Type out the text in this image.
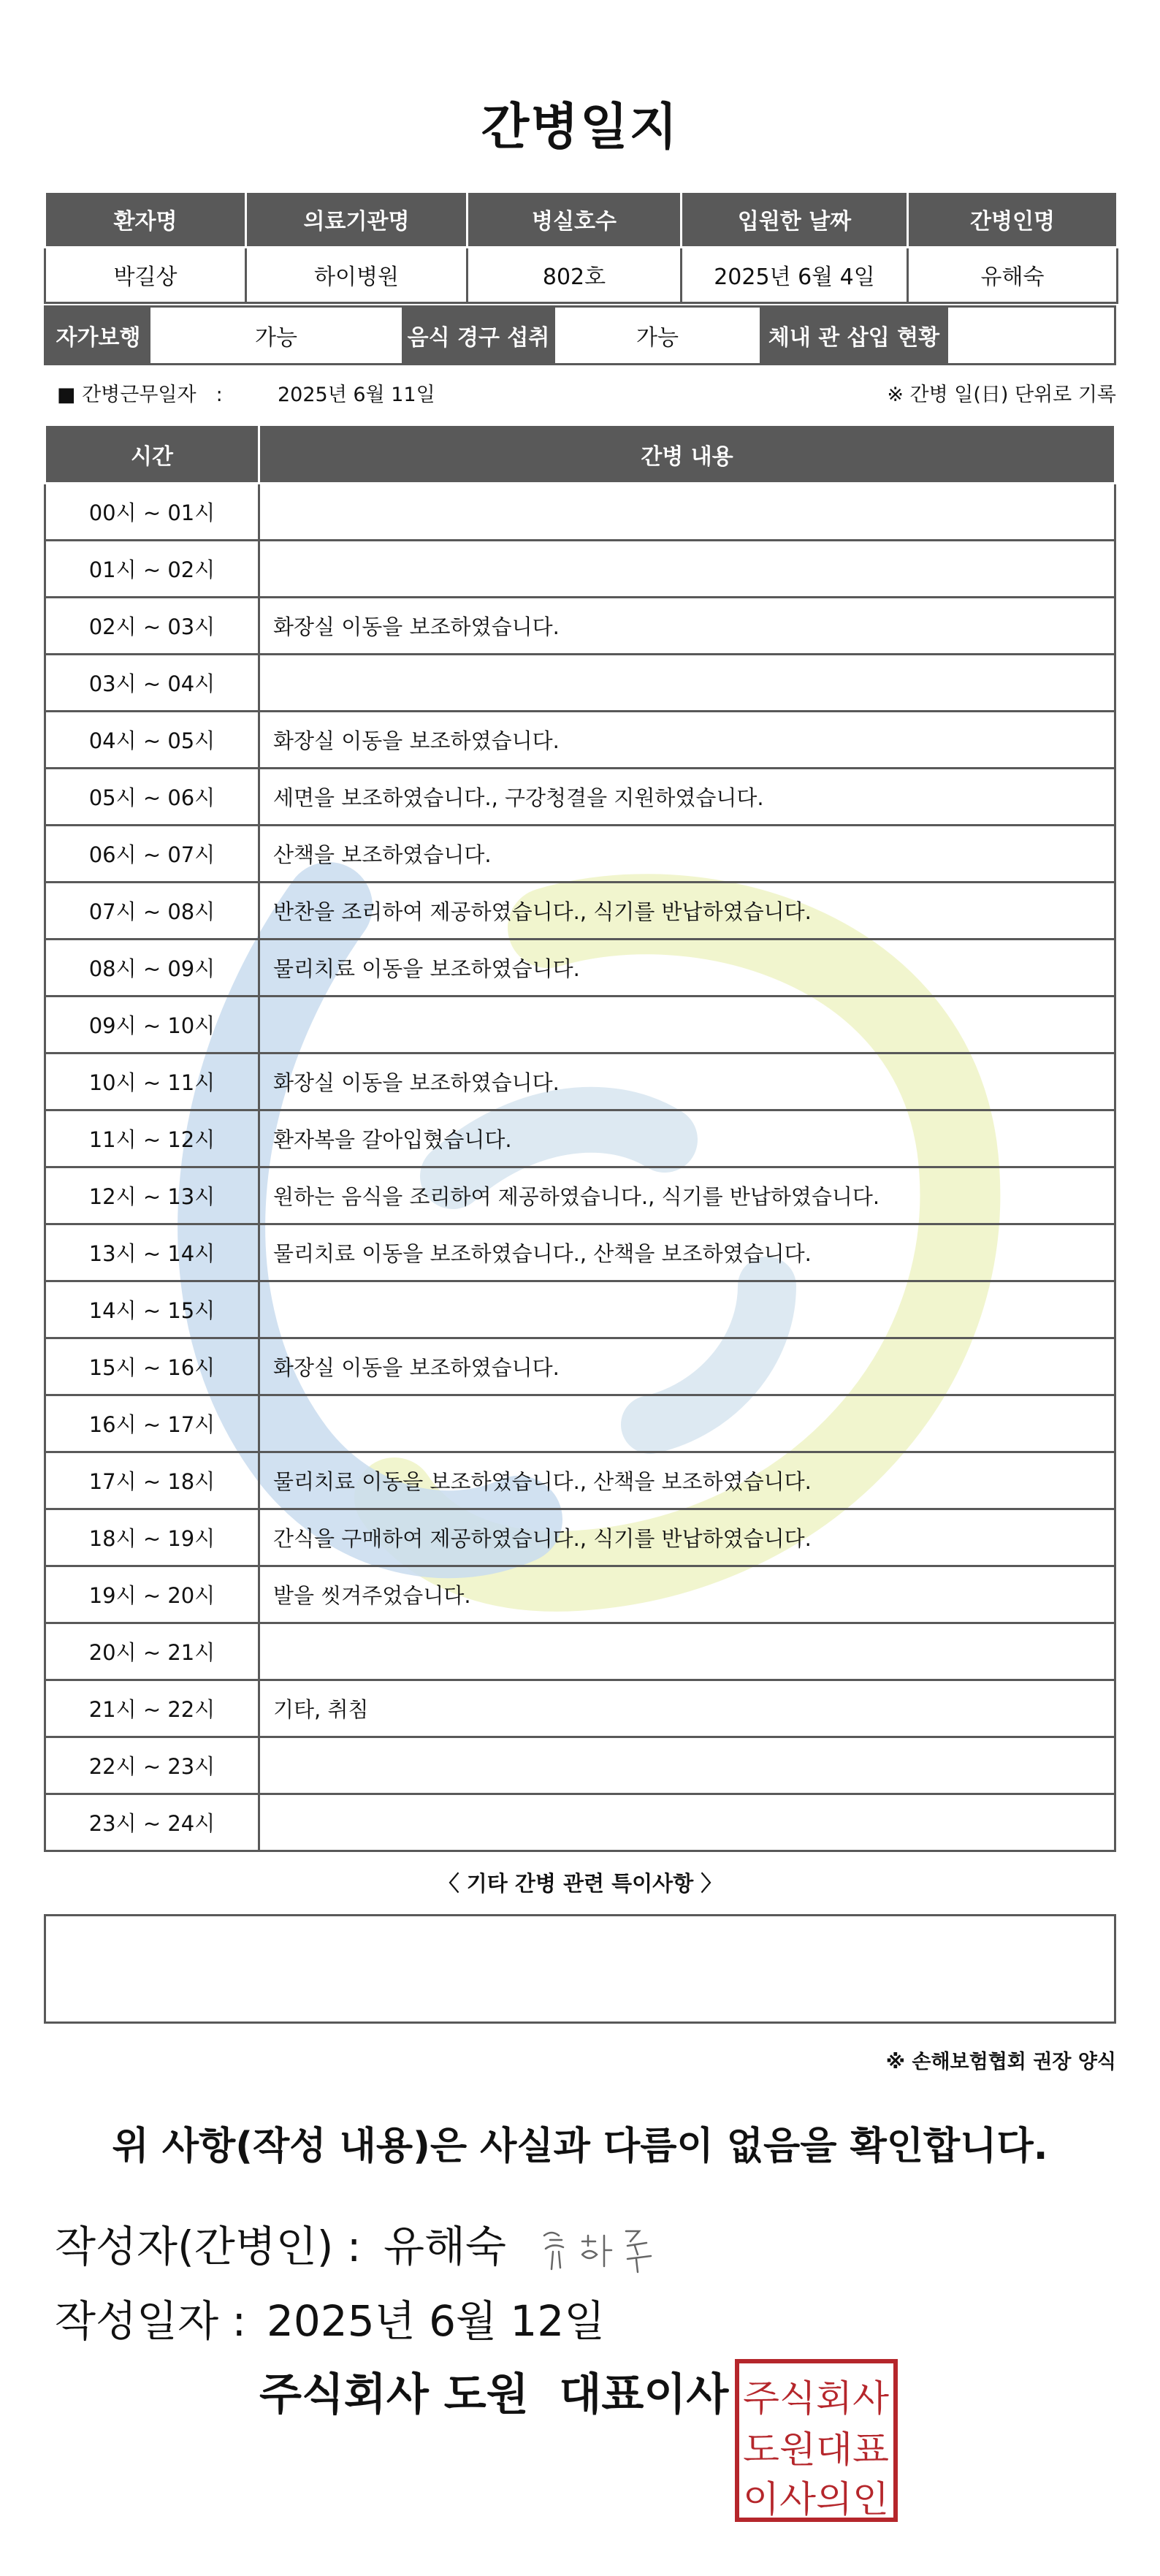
간병일지
환자명	의료기관명	병실호수	입원한 날짜	간병인명
박길상	하이병원	802호	2025년 6월 4일	유해숙
자가보행	가능	음식 경구 섭취	가능	체내 관 삽입 현황
■ 간병근무일자　:	2025년 6월 11일	※ 간병 일(日) 단위로 기록
시간	간병 내용
00시 ~ 01시	
01시 ~ 02시	
02시 ~ 03시	화장실 이동을 보조하였습니다.
03시 ~ 04시	
04시 ~ 05시	화장실 이동을 보조하였습니다.
05시 ~ 06시	세면을 보조하였습니다., 구강청결을 지원하였습니다.
06시 ~ 07시	산책을 보조하였습니다.
07시 ~ 08시	반찬을 조리하여 제공하였습니다., 식기를 반납하였습니다.
08시 ~ 09시	물리치료 이동을 보조하였습니다.
09시 ~ 10시	
10시 ~ 11시	화장실 이동을 보조하였습니다.
11시 ~ 12시	환자복을 갈아입혔습니다.
12시 ~ 13시	원하는 음식을 조리하여 제공하였습니다., 식기를 반납하였습니다.
13시 ~ 14시	물리치료 이동을 보조하였습니다., 산책을 보조하였습니다.
14시 ~ 15시	
15시 ~ 16시	화장실 이동을 보조하였습니다.
16시 ~ 17시	
17시 ~ 18시	물리치료 이동을 보조하였습니다., 산책을 보조하였습니다.
18시 ~ 19시	간식을 구매하여 제공하였습니다., 식기를 반납하였습니다.
19시 ~ 20시	발을 씻겨주었습니다.
20시 ~ 21시	
21시 ~ 22시	기타, 취침
22시 ~ 23시	
23시 ~ 24시	
〈 기타 간병 관련 특이사항 〉
※ 손해보험협회 권장 양식
위 사항(작성 내용)은 사실과 다름이 없음을 확인합니다.
작성자(간병인) : 유해숙
작성일자 : 2025년 6월 12일
주식회사 도원 대표이사 주식회사
도원대표
이사의인
